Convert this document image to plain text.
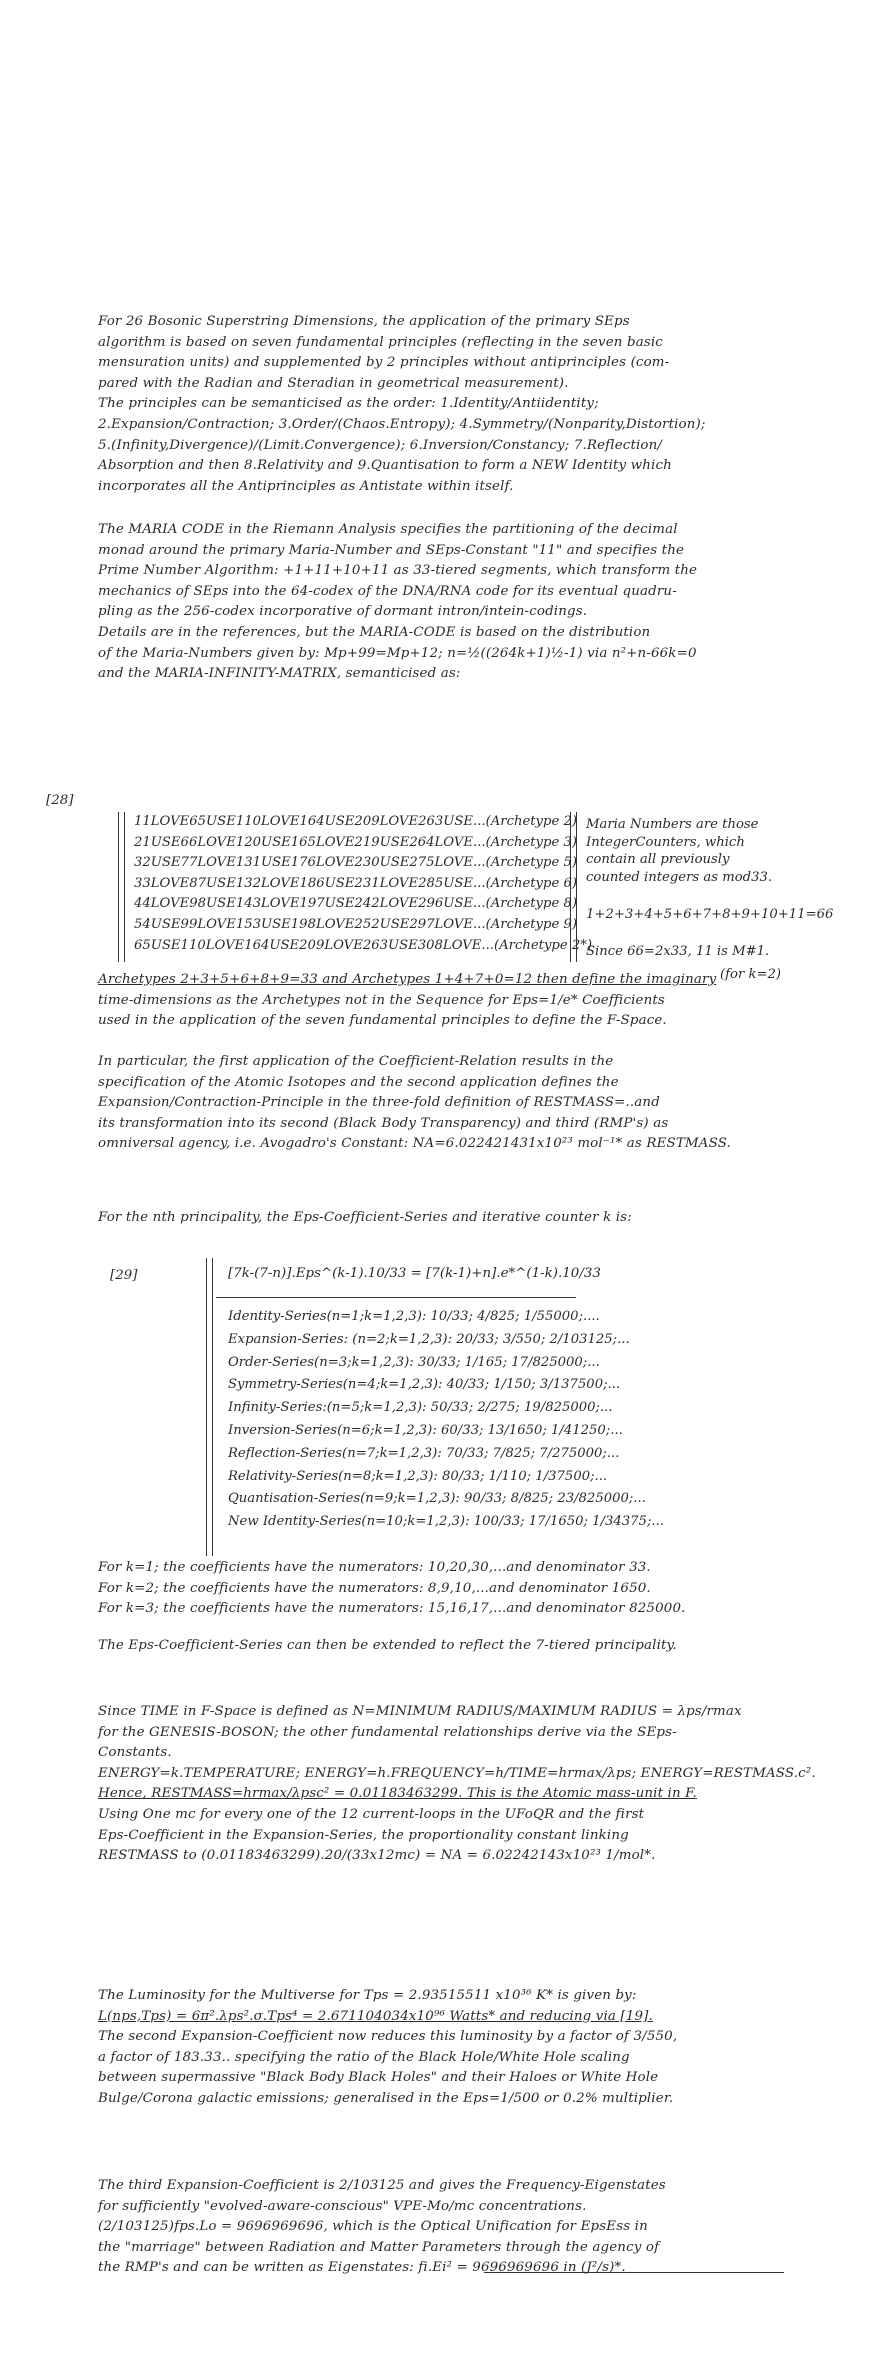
For 26 Bosonic Superstring Dimensions, the application of the primary SEps

algorithm is based on seven fundamental principles (reflecting in the seven basic

mensuration units) and supplemented by 2 principles without antiprinciples (com-

pared with the Radian and Steradian in geometrical measurement).

The principles can be semanticised as the order: 1.Identity/Antiidentity;

2.Expansion/Contraction; 3.Order/(Chaos.Entropy); 4.Symmetry/(Nonparity,Distortion);

5.(Infinity,Divergence)/(Limit.Convergence); 6.Inversion/Constancy; 7.Reflection/

Absorption and then 8.Relativity and 9.Quantisation to form a NEW Identity which

incorporates all the Antiprinciples as Antistate within itself.

The MARIA CODE in the Riemann Analysis specifies the partitioning of the decimal

monad around the primary Maria-Number and SEps-Constant "11" and specifies the

Prime Number Algorithm: +1+11+10+11 as 33-tiered segments, which transform the

mechanics of SEps into the 64-codex of the DNA/RNA code for its eventual quadru-

pling as the 256-codex incorporative of dormant intron/intein-codings.

Details are in the references, but the MARIA-CODE is based on the distribution

of the Maria-Numbers given by: Mp+99=Mp+12; n=½((264k+1)½-1) via n²+n-66k=0

and the MARIA-INFINITY-MATRIX, semanticised as:

[28]

11LOVE65USE110LOVE164USE209LOVE263USE...(Archetype 2)

21USE66LOVE120USE165LOVE219USE264LOVE...(Archetype 3)

32USE77LOVE131USE176LOVE230USE275LOVE...(Archetype 5)

33LOVE87USE132LOVE186USE231LOVE285USE...(Archetype 6)

44LOVE98USE143LOVE197USE242LOVE296USE...(Archetype 8)

54USE99LOVE153USE198LOVE252USE297LOVE...(Archetype 9)

65USE110LOVE164USE209LOVE263USE308LOVE...(Archetype 2*)

Maria Numbers are those

IntegerCounters, which

contain all previously

counted integers as mod33.

1+2+3+4+5+6+7+8+9+10+11=66

Since 66=2x33, 11 is M#1.

(for k=2)

Archetypes 2+3+5+6+8+9=33 and Archetypes 1+4+7+0=12 then define the imaginary

time-dimensions as the Archetypes not in the Sequence for Eps=1/e* Coefficients

used in the application of the seven fundamental principles to define the F-Space.

In particular, the first application of the Coefficient-Relation results in the

specification of the Atomic Isotopes and the second application defines the

Expansion/Contraction-Principle in the three-fold definition of RESTMASS=..and

its transformation into its second (Black Body Transparency) and third (RMP's) as

omniversal agency, i.e. Avogadro's Constant: NA=6.022421431x10²³ mol⁻¹* as RESTMASS.

For the nth principality, the Eps-Coefficient-Series and iterative counter k is:

[29]	[7k-(7-n)].Eps^(k-1).10/33 = [7(k-1)+n].e*^(1-k).10/33

Identity-Series(n=1;k=1,2,3): 10/33; 4/825; 1/55000;....

Expansion-Series: (n=2;k=1,2,3): 20/33; 3/550; 2/103125;...

Order-Series(n=3;k=1,2,3): 30/33; 1/165; 17/825000;...

Symmetry-Series(n=4;k=1,2,3): 40/33; 1/150; 3/137500;...

Infinity-Series:(n=5;k=1,2,3): 50/33; 2/275; 19/825000;...

Inversion-Series(n=6;k=1,2,3): 60/33; 13/1650; 1/41250;...

Reflection-Series(n=7;k=1,2,3): 70/33; 7/825; 7/275000;...

Relativity-Series(n=8;k=1,2,3): 80/33; 1/110; 1/37500;...

Quantisation-Series(n=9;k=1,2,3): 90/33; 8/825; 23/825000;...

New Identity-Series(n=10;k=1,2,3): 100/33; 17/1650; 1/34375;...

For k=1; the coefficients have the numerators: 10,20,30,...and denominator 33.

For k=2; the coefficients have the numerators: 8,9,10,...and denominator 1650.

For k=3; the coefficients have the numerators: 15,16,17,...and denominator 825000.

The Eps-Coefficient-Series can then be extended to reflect the 7-tiered principality.

Since TIME in F-Space is defined as N=MINIMUM RADIUS/MAXIMUM RADIUS = λps/rmax

for the GENESIS-BOSON; the other fundamental relationships derive via the SEps-

Constants.

ENERGY=k.TEMPERATURE; ENERGY=h.FREQUENCY=h/TIME=hrmax/λps; ENERGY=RESTMASS.c².

Hence, RESTMASS=hrmax/λpsc² = 0.01183463299. This is the Atomic mass-unit in F.

Using One mc for every one of the 12 current-loops in the UFoQR and the first

Eps-Coefficient in the Expansion-Series, the proportionality constant linking

RESTMASS to (0.01183463299).20/(33x12mc) = NA = 6.02242143x10²³ 1/mol*.

The Luminosity for the Multiverse for Tps = 2.93515511 x10³⁶ K* is given by:

L(nps,Tps) = 6π².λps².σ.Tps⁴ = 2.671104034x10⁹⁶ Watts* and reducing via [19].

The second Expansion-Coefficient now reduces this luminosity by a factor of 3/550,

a factor of 183.33.. specifying the ratio of the Black Hole/White Hole scaling

between supermassive "Black Body Black Holes" and their Haloes or White Hole

Bulge/Corona galactic emissions; generalised in the Eps=1/500 or 0.2% multiplier.

The third Expansion-Coefficient is 2/103125 and gives the Frequency-Eigenstates

for sufficiently "evolved-aware-conscious" VPE-Mo/mc concentrations.

(2/103125)fps.Lo = 9696969696, which is the Optical Unification for EpsEss in

the "marriage" between Radiation and Matter Parameters through the agency of

the RMP's and can be written as Eigenstates: fi.Ei² = 9696969696 in (J²/s)*.
